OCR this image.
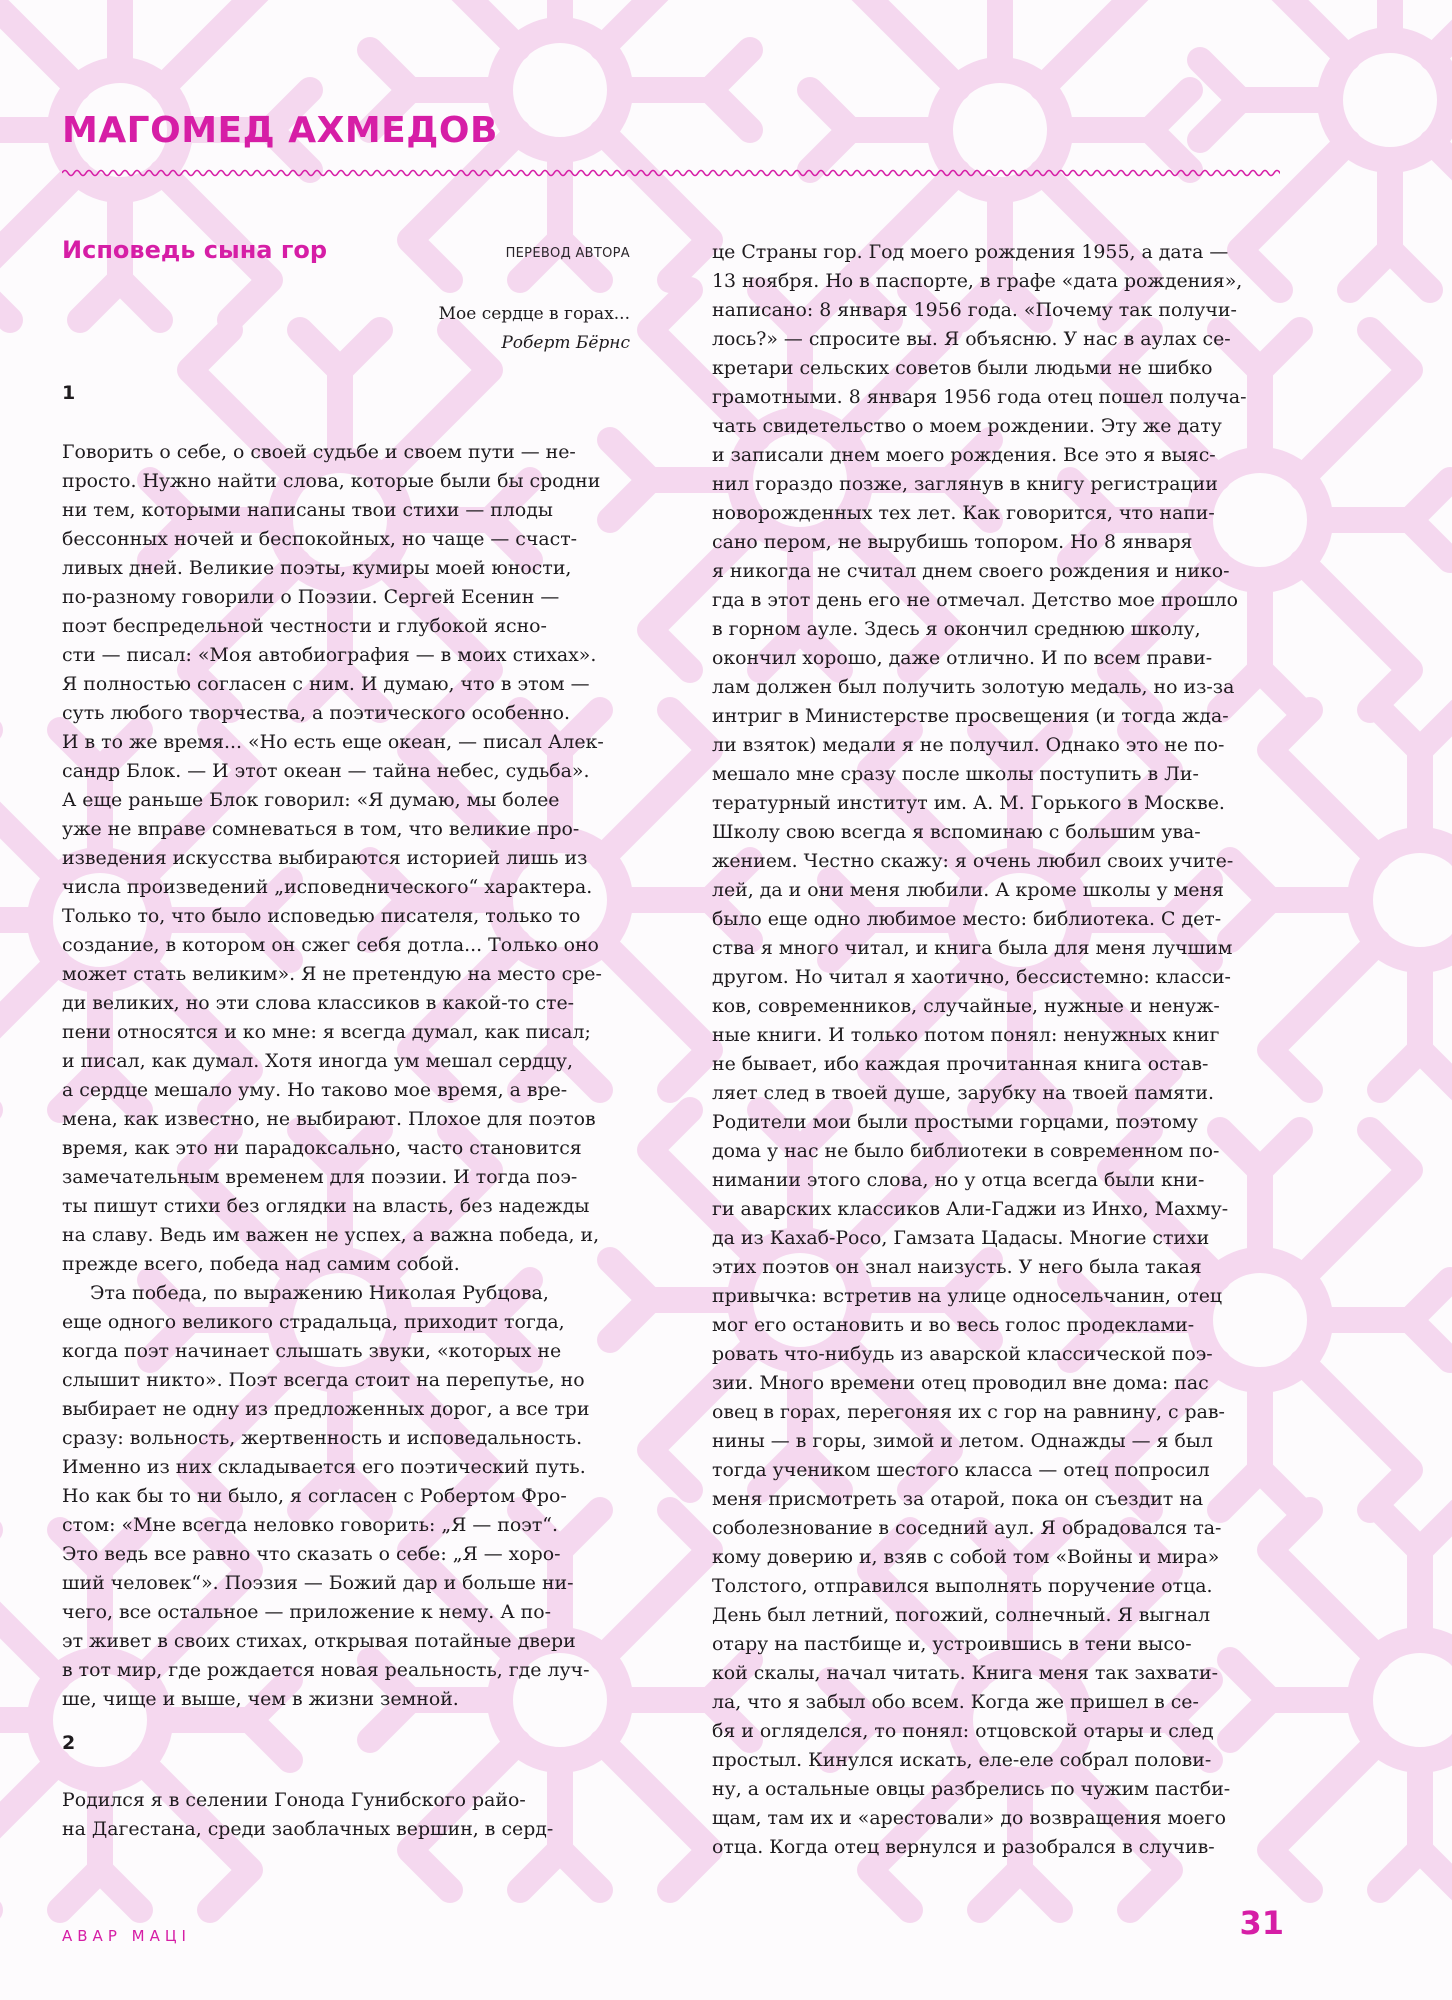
МАГОМЕД АХМЕДОВ
Исповедь сына гор	ПЕРЕВОД АВТОРА
Мое сердце в горах...
Роберт Бёрнс
1
Говорить о себе, о своей судьбе и своем пути — не-
просто. Нужно найти слова, которые были бы сродни
ни тем, которыми написаны твои стихи — плоды
бессонных ночей и беспокойных, но чаще — счаст-
ливых дней. Великие поэты, кумиры моей юности,
по-разному говорили о Поэзии. Сергей Есенин —
поэт беспредельной честности и глубокой ясно-
сти — писал: «Моя автобиография — в моих стихах».
Я полностью согласен с ним. И думаю, что в этом —
суть любого творчества, а поэтического особенно.
И в то же время... «Но есть еще океан, — писал Алек-
сандр Блок. — И этот океан — тайна небес, судьба».
А еще раньше Блок говорил: «Я думаю, мы более
уже не вправе сомневаться в том, что великие про-
изведения искусства выбираются историей лишь из
числа произведений „исповеднического“ характера.
Только то, что было исповедью писателя, только то
создание, в котором он сжег себя дотла... Только оно
может стать великим». Я не претендую на место сре-
ди великих, но эти слова классиков в какой-то сте-
пени относятся и ко мне: я всегда думал, как писал;
и писал, как думал. Хотя иногда ум мешал сердцу,
а сердце мешало уму. Но таково мое время, а вре-
мена, как известно, не выбирают. Плохое для поэтов
время, как это ни парадоксально, часто становится
замечательным временем для поэзии. И тогда поэ-
ты пишут стихи без оглядки на власть, без надежды
на славу. Ведь им важен не успех, а важна победа, и,
прежде всего, победа над самим собой.
Эта победа, по выражению Николая Рубцова,
еще одного великого страдальца, приходит тогда,
когда поэт начинает слышать звуки, «которых не
слышит никто». Поэт всегда стоит на перепутье, но
выбирает не одну из предложенных дорог, а все три
сразу: вольность, жертвенность и исповедальность.
Именно из них складывается его поэтический путь.
Но как бы то ни было, я согласен с Робертом Фро-
стом: «Мне всегда неловко говорить: „Я — поэт“.
Это ведь все равно что сказать о себе: „Я — хоро-
ший человек“». Поэзия — Божий дар и больше ни-
чего, все остальное — приложение к нему. А по-
эт живет в своих стихах, открывая потайные двери
в тот мир, где рождается новая реальность, где луч-
ше, чище и выше, чем в жизни земной.
2
Родился я в селении Гонода Гунибского райо-
на Дагестана, среди заоблачных вершин, в серд-
це Страны гор. Год моего рождения 1955, а дата —
13 ноября. Но в паспорте, в графе «дата рождения»,
написано: 8 января 1956 года. «Почему так получи-
лось?» — спросите вы. Я объясню. У нас в аулах се-
кретари сельских советов были людьми не шибко
грамотными. 8 января 1956 года отец пошел получа-
чать свидетельство о моем рождении. Эту же дату
и записали днем моего рождения. Все это я выяс-
нил гораздо позже, заглянув в книгу регистрации
новорожденных тех лет. Как говорится, что напи-
сано пером, не вырубишь топором. Но 8 января
я никогда не считал днем своего рождения и нико-
гда в этот день его не отмечал. Детство мое прошло
в горном ауле. Здесь я окончил среднюю школу,
окончил хорошо, даже отлично. И по всем прави-
лам должен был получить золотую медаль, но из-за
интриг в Министерстве просвещения (и тогда жда-
ли взяток) медали я не получил. Однако это не по-
мешало мне сразу после школы поступить в Ли-
тературный институт им. А. М. Горького в Москве.
Школу свою всегда я вспоминаю с большим ува-
жением. Честно скажу: я очень любил своих учите-
лей, да и они меня любили. А кроме школы у меня
было еще одно любимое место: библиотека. С дет-
ства я много читал, и книга была для меня лучшим
другом. Но читал я хаотично, бессистемно: класси-
ков, современников, случайные, нужные и ненуж-
ные книги. И только потом понял: ненужных книг
не бывает, ибо каждая прочитанная книга остав-
ляет след в твоей душе, зарубку на твоей памяти.
Родители мои были простыми горцами, поэтому
дома у нас не было библиотеки в современном по-
нимании этого слова, но у отца всегда были кни-
ги аварских классиков Али-Гаджи из Инхо, Махму-
да из Кахаб-Росо, Гамзата Цадасы. Многие стихи
этих поэтов он знал наизусть. У него была такая
привычка: встретив на улице односельчанин, отец
мог его остановить и во весь голос продеклами-
ровать что-нибудь из аварской классической поэ-
зии. Много времени отец проводил вне дома: пас
овец в горах, перегоняя их с гор на равнину, с рав-
нины — в горы, зимой и летом. Однажды — я был
тогда учеником шестого класса — отец попросил
меня присмотреть за отарой, пока он съездит на
соболезнование в соседний аул. Я обрадовался та-
кому доверию и, взяв с собой том «Войны и мира»
Толстого, отправился выполнять поручение отца.
День был летний, погожий, солнечный. Я выгнал
отару на пастбище и, устроившись в тени высо-
кой скалы, начал читать. Книга меня так захвати-
ла, что я забыл обо всем. Когда же пришел в се-
бя и огляделся, то понял: отцовской отары и след
простыл. Кинулся искать, еле-еле собрал полови-
ну, а остальные овцы разбрелись по чужим пастби-
щам, там их и «арестовали» до возвращения моего
отца. Когда отец вернулся и разобрался в случив-
АВАР МАЦI	31
